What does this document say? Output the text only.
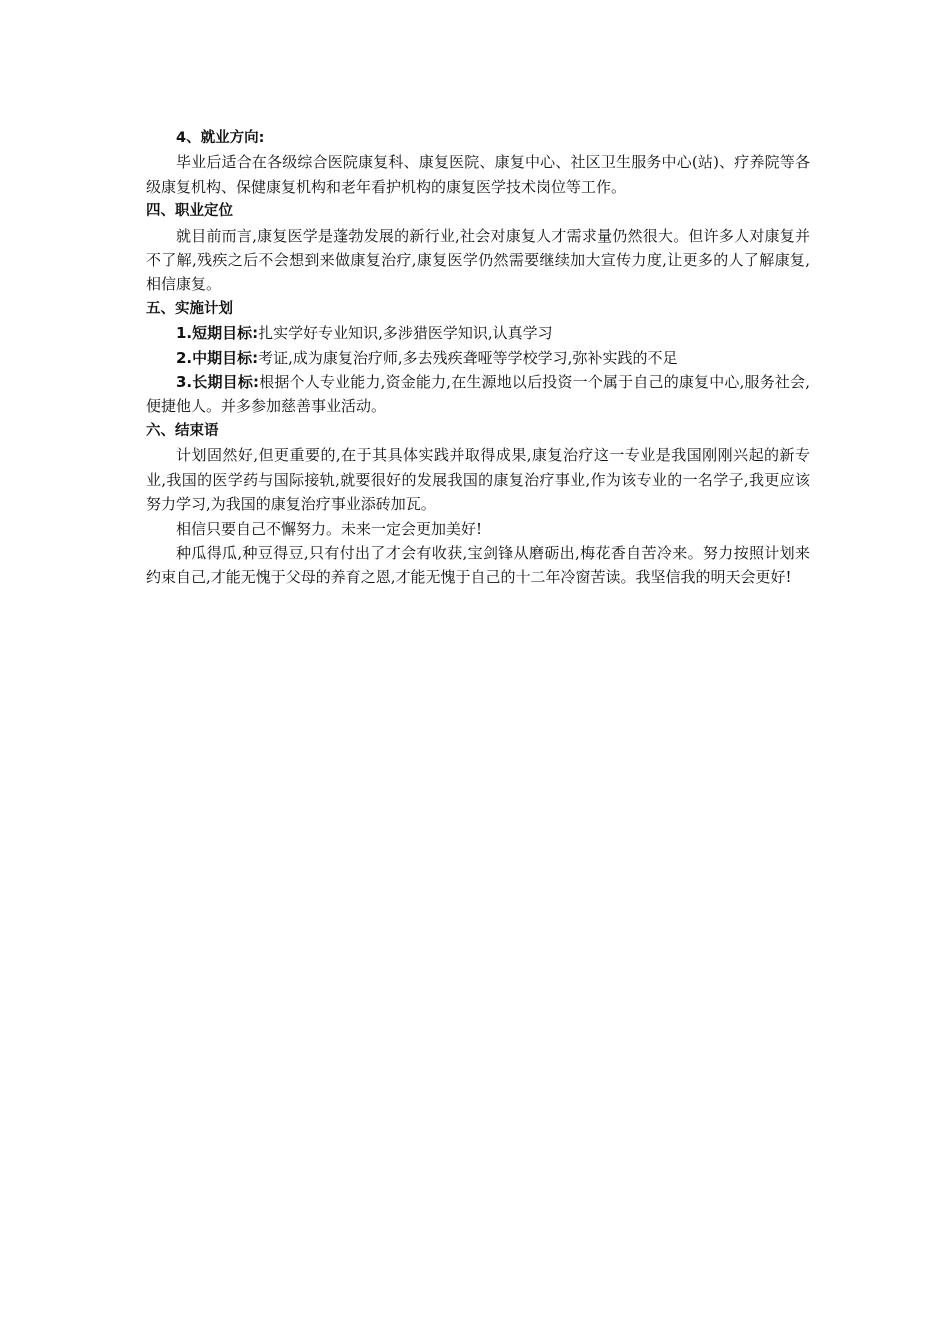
4、就业方向:

毕业后适合在各级综合医院康复科、康复医院、康复中心、社区卫生服务中心(站)、疗养院等各级康复机构、保健康复机构和老年看护机构的康复医学技术岗位等工作。

四、职业定位

就目前而言,康复医学是蓬勃发展的新行业,社会对康复人才需求量仍然很大。但许多人对康复并不了解,残疾之后不会想到来做康复治疗,康复医学仍然需要继续加大宣传力度,让更多的人了解康复,相信康复。

五、实施计划

1.短期目标:扎实学好专业知识,多涉猎医学知识,认真学习

2.中期目标:考证,成为康复治疗师,多去残疾聋哑等学校学习,弥补实践的不足

3.长期目标:根据个人专业能力,资金能力,在生源地以后投资一个属于自己的康复中心,服务社会,便捷他人。并多参加慈善事业活动。

六、结束语

计划固然好,但更重要的,在于其具体实践并取得成果,康复治疗这一专业是我国刚刚兴起的新专业,我国的医学药与国际接轨,就要很好的发展我国的康复治疗事业,作为该专业的一名学子,我更应该努力学习,为我国的康复治疗事业添砖加瓦。

相信只要自己不懈努力。未来一定会更加美好!

种瓜得瓜,种豆得豆,只有付出了才会有收获,宝剑锋从磨砺出,梅花香自苦冷来。努力按照计划来约束自己,才能无愧于父母的养育之恩,才能无愧于自己的十二年冷窗苦读。我坚信我的明天会更好!
